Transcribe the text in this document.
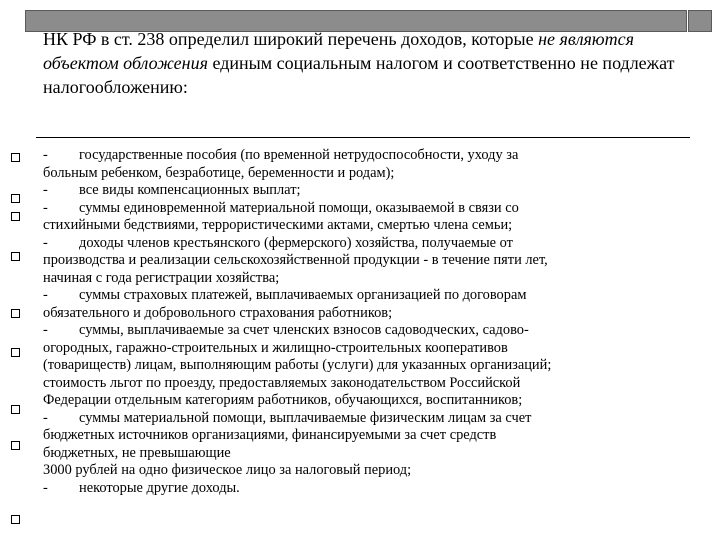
НК РФ в ст. 238 определил широкий перечень доходов, которые не являются объектом обложения единым социальным налогом и соответственно не подлежат налогообложению:
- государственные пособия (по временной нетрудоспособности, уходу за
больным ребенком, безработице, беременности и родам);
- все виды компенсационных выплат;
- суммы единовременной материальной помощи, оказываемой в связи со
стихийными бедствиями, террористическими актами, смертью члена семьи;
- доходы членов крестьянского (фермерского) хозяйства, получаемые от
производства и реализации сельскохозяйственной продукции - в течение пяти лет,
начиная с года регистрации хозяйства;
- суммы страховых платежей, выплачиваемых организацией по договорам
обязательного и добровольного страхования работников;
- суммы, выплачиваемые за счет членских взносов садоводческих, садово-
огородных, гаражно-строительных и жилищно-строительных кооперативов
(товариществ) лицам, выполняющим работы (услуги) для указанных организаций;
стоимость льгот по проезду, предоставляемых законодательством Российской
Федерации отдельным категориям работников, обучающихся, воспитанников;
- суммы материальной помощи, выплачиваемые физическим лицам за счет
бюджетных источников организациями, финансируемыми за счет средств
бюджетных, не превышающие
3000 рублей на одно физическое лицо за налоговый период;
- некоторые другие доходы.
